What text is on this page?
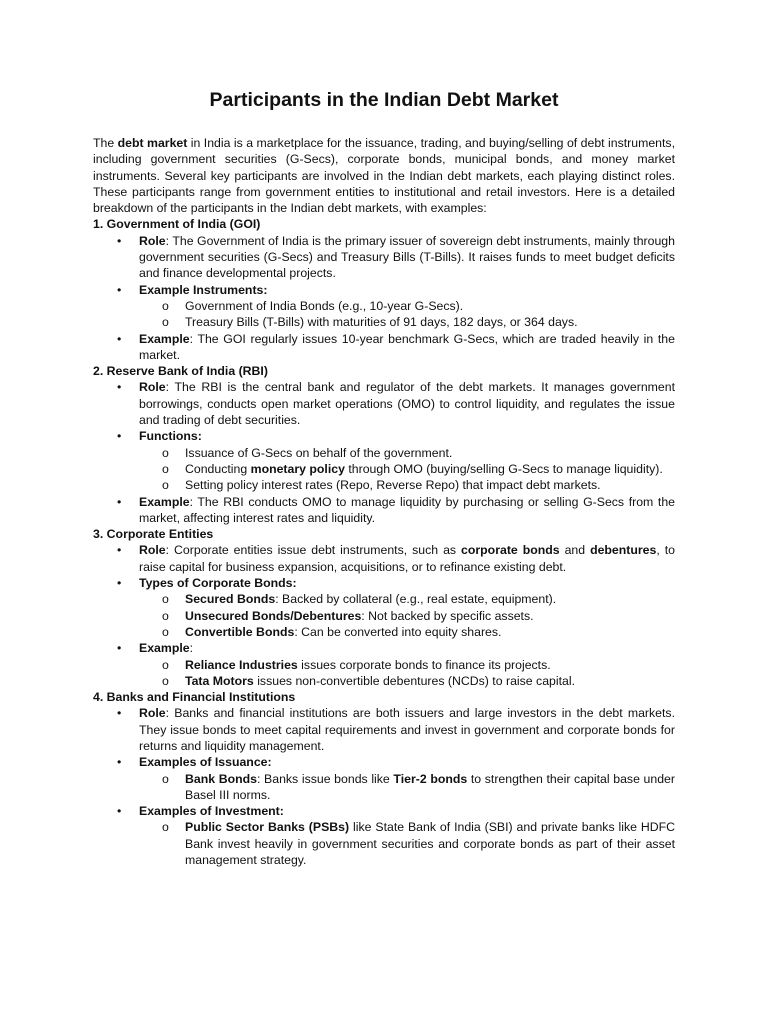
Participants in the Indian Debt Market

The debt market in India is a marketplace for the issuance, trading, and buying/selling of debt instruments, including government securities (G-Secs), corporate bonds, municipal bonds, and money market instruments. Several key participants are involved in the Indian debt markets, each playing distinct roles. These participants range from government entities to institutional and retail investors. Here is a detailed breakdown of the participants in the Indian debt markets, with examples:

1. Government of India (GOI)
• Role: The Government of India is the primary issuer of sovereign debt instruments, mainly through government securities (G-Secs) and Treasury Bills (T-Bills). It raises funds to meet budget deficits and finance developmental projects.
• Example Instruments:
o Government of India Bonds (e.g., 10-year G-Secs).
o Treasury Bills (T-Bills) with maturities of 91 days, 182 days, or 364 days.
• Example: The GOI regularly issues 10-year benchmark G-Secs, which are traded heavily in the market.
2. Reserve Bank of India (RBI)
• Role: The RBI is the central bank and regulator of the debt markets. It manages government borrowings, conducts open market operations (OMO) to control liquidity, and regulates the issue and trading of debt securities.
• Functions:
o Issuance of G-Secs on behalf of the government.
o Conducting monetary policy through OMO (buying/selling G-Secs to manage liquidity).
o Setting policy interest rates (Repo, Reverse Repo) that impact debt markets.
• Example: The RBI conducts OMO to manage liquidity by purchasing or selling G-Secs from the market, affecting interest rates and liquidity.
3. Corporate Entities
• Role: Corporate entities issue debt instruments, such as corporate bonds and debentures, to raise capital for business expansion, acquisitions, or to refinance existing debt.
• Types of Corporate Bonds:
o Secured Bonds: Backed by collateral (e.g., real estate, equipment).
o Unsecured Bonds/Debentures: Not backed by specific assets.
o Convertible Bonds: Can be converted into equity shares.
• Example:
o Reliance Industries issues corporate bonds to finance its projects.
o Tata Motors issues non-convertible debentures (NCDs) to raise capital.
4. Banks and Financial Institutions
• Role: Banks and financial institutions are both issuers and large investors in the debt markets. They issue bonds to meet capital requirements and invest in government and corporate bonds for returns and liquidity management.
• Examples of Issuance:
o Bank Bonds: Banks issue bonds like Tier-2 bonds to strengthen their capital base under Basel III norms.
• Examples of Investment:
o Public Sector Banks (PSBs) like State Bank of India (SBI) and private banks like HDFC Bank invest heavily in government securities and corporate bonds as part of their asset management strategy.
